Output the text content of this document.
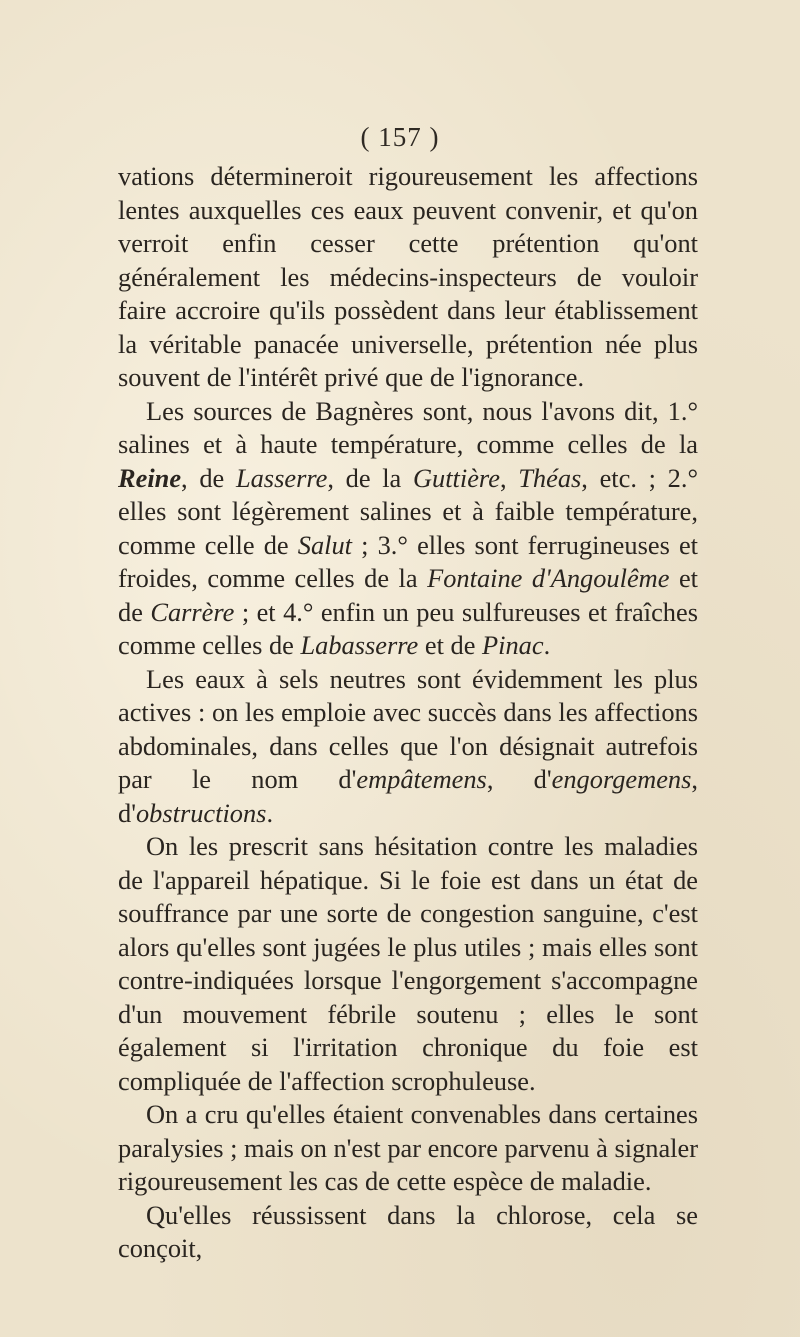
( 157 )

vations détermineroit rigoureusement les affections lentes auxquelles ces eaux peuvent convenir, et qu'on verroit enfin cesser cette prétention qu'ont généralement les médecins-inspecteurs de vouloir faire accroire qu'ils possèdent dans leur établissement la véritable panacée universelle, prétention née plus souvent de l'intérêt privé que de l'ignorance.

Les sources de Bagnères sont, nous l'avons dit, 1.° salines et à haute température, comme celles de la Reine, de Lasserre, de la Guttière, Théas, etc. ; 2.° elles sont légèrement salines et à faible température, comme celle de Salut ; 3.° elles sont ferrugineuses et froides, comme celles de la Fontaine d'Angoulême et de Carrère ; et 4.° enfin un peu sulfureuses et fraîches comme celles de Labasserre et de Pinac.

Les eaux à sels neutres sont évidemment les plus actives : on les emploie avec succès dans les affections abdominales, dans celles que l'on désignait autrefois par le nom d'empâtemens, d'engorgemens, d'obstructions.

On les prescrit sans hésitation contre les maladies de l'appareil hépatique. Si le foie est dans un état de souffrance par une sorte de congestion sanguine, c'est alors qu'elles sont jugées le plus utiles ; mais elles sont contre-indiquées lorsque l'engorgement s'accompagne d'un mouvement fébrile soutenu ; elles le sont également si l'irritation chronique du foie est compliquée de l'affection scrophuleuse.

On a cru qu'elles étaient convenables dans certaines paralysies ; mais on n'est par encore parvenu à signaler rigoureusement les cas de cette espèce de maladie.

Qu'elles réussissent dans la chlorose, cela se conçoit,
